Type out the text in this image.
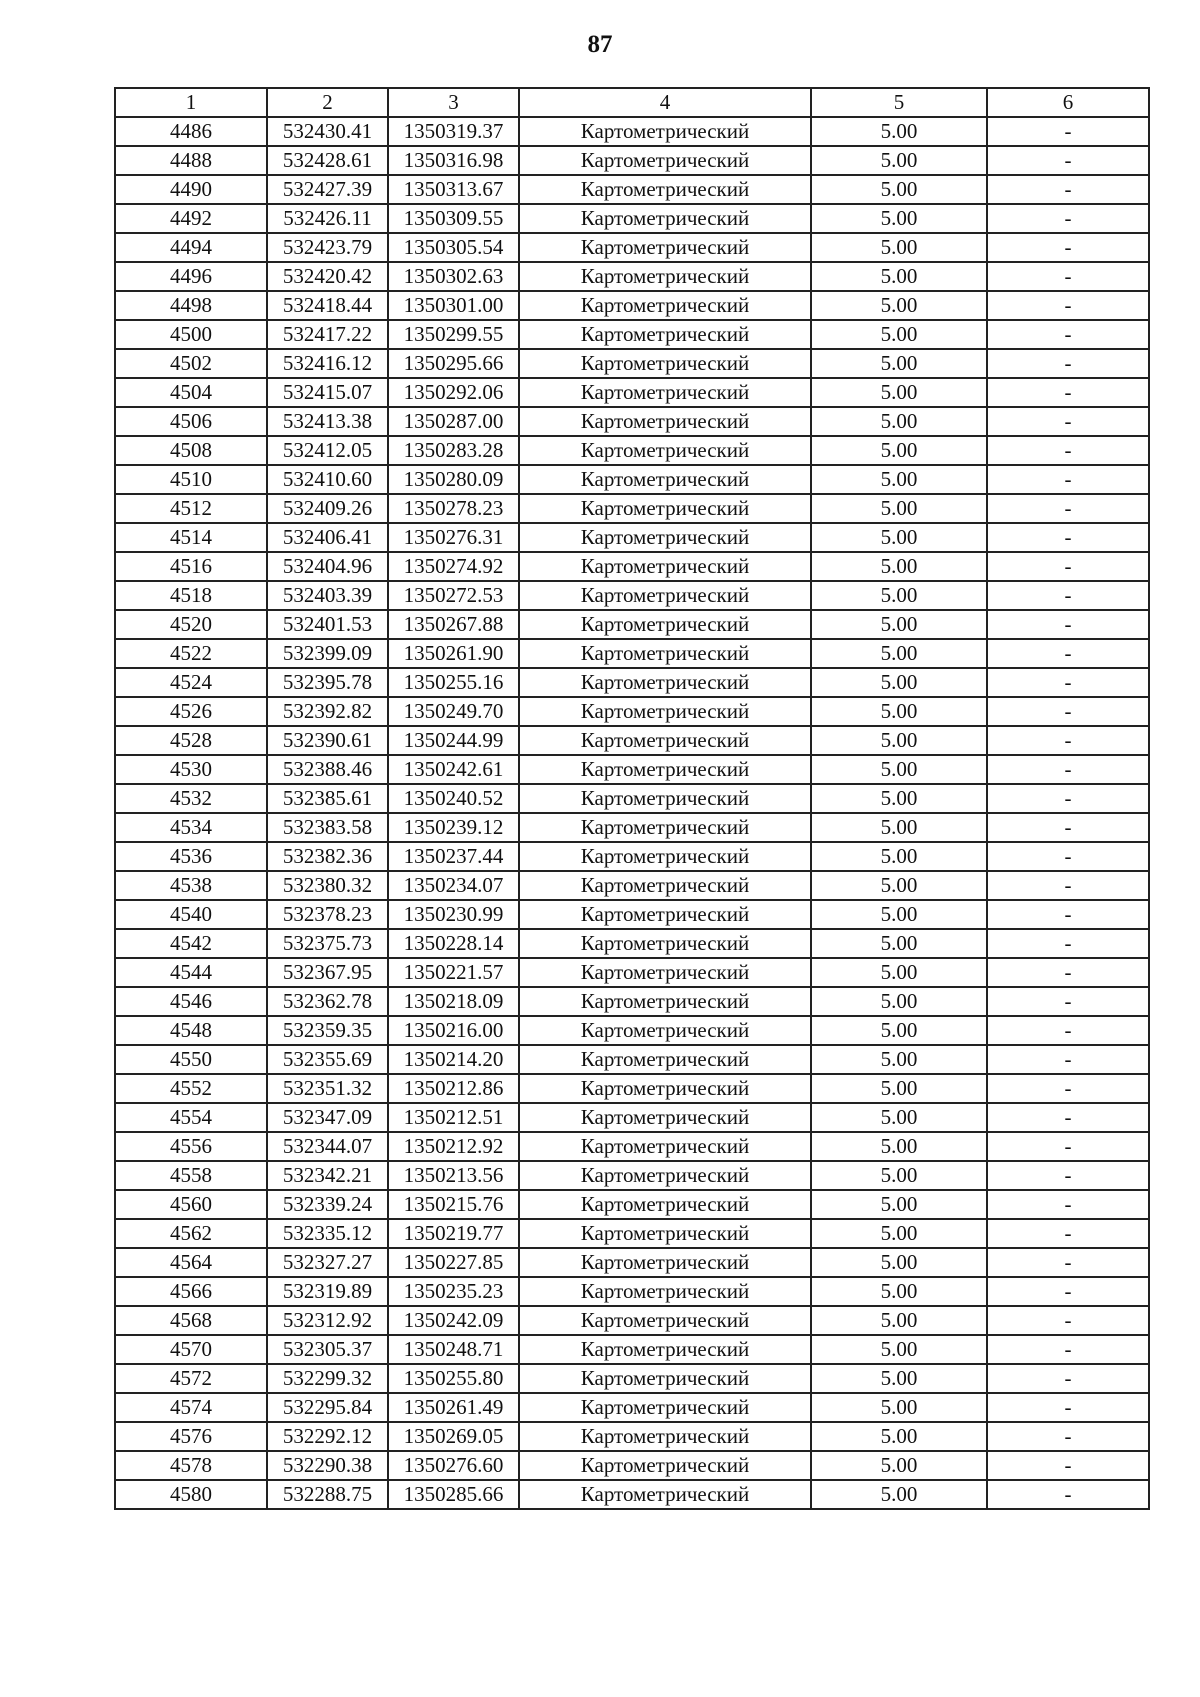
87
1	2	3	4	5	6
4486	532430.41	1350319.37	Картометрический	5.00	-
4488	532428.61	1350316.98	Картометрический	5.00	-
4490	532427.39	1350313.67	Картометрический	5.00	-
4492	532426.11	1350309.55	Картометрический	5.00	-
4494	532423.79	1350305.54	Картометрический	5.00	-
4496	532420.42	1350302.63	Картометрический	5.00	-
4498	532418.44	1350301.00	Картометрический	5.00	-
4500	532417.22	1350299.55	Картометрический	5.00	-
4502	532416.12	1350295.66	Картометрический	5.00	-
4504	532415.07	1350292.06	Картометрический	5.00	-
4506	532413.38	1350287.00	Картометрический	5.00	-
4508	532412.05	1350283.28	Картометрический	5.00	-
4510	532410.60	1350280.09	Картометрический	5.00	-
4512	532409.26	1350278.23	Картометрический	5.00	-
4514	532406.41	1350276.31	Картометрический	5.00	-
4516	532404.96	1350274.92	Картометрический	5.00	-
4518	532403.39	1350272.53	Картометрический	5.00	-
4520	532401.53	1350267.88	Картометрический	5.00	-
4522	532399.09	1350261.90	Картометрический	5.00	-
4524	532395.78	1350255.16	Картометрический	5.00	-
4526	532392.82	1350249.70	Картометрический	5.00	-
4528	532390.61	1350244.99	Картометрический	5.00	-
4530	532388.46	1350242.61	Картометрический	5.00	-
4532	532385.61	1350240.52	Картометрический	5.00	-
4534	532383.58	1350239.12	Картометрический	5.00	-
4536	532382.36	1350237.44	Картометрический	5.00	-
4538	532380.32	1350234.07	Картометрический	5.00	-
4540	532378.23	1350230.99	Картометрический	5.00	-
4542	532375.73	1350228.14	Картометрический	5.00	-
4544	532367.95	1350221.57	Картометрический	5.00	-
4546	532362.78	1350218.09	Картометрический	5.00	-
4548	532359.35	1350216.00	Картометрический	5.00	-
4550	532355.69	1350214.20	Картометрический	5.00	-
4552	532351.32	1350212.86	Картометрический	5.00	-
4554	532347.09	1350212.51	Картометрический	5.00	-
4556	532344.07	1350212.92	Картометрический	5.00	-
4558	532342.21	1350213.56	Картометрический	5.00	-
4560	532339.24	1350215.76	Картометрический	5.00	-
4562	532335.12	1350219.77	Картометрический	5.00	-
4564	532327.27	1350227.85	Картометрический	5.00	-
4566	532319.89	1350235.23	Картометрический	5.00	-
4568	532312.92	1350242.09	Картометрический	5.00	-
4570	532305.37	1350248.71	Картометрический	5.00	-
4572	532299.32	1350255.80	Картометрический	5.00	-
4574	532295.84	1350261.49	Картометрический	5.00	-
4576	532292.12	1350269.05	Картометрический	5.00	-
4578	532290.38	1350276.60	Картометрический	5.00	-
4580	532288.75	1350285.66	Картометрический	5.00	-
